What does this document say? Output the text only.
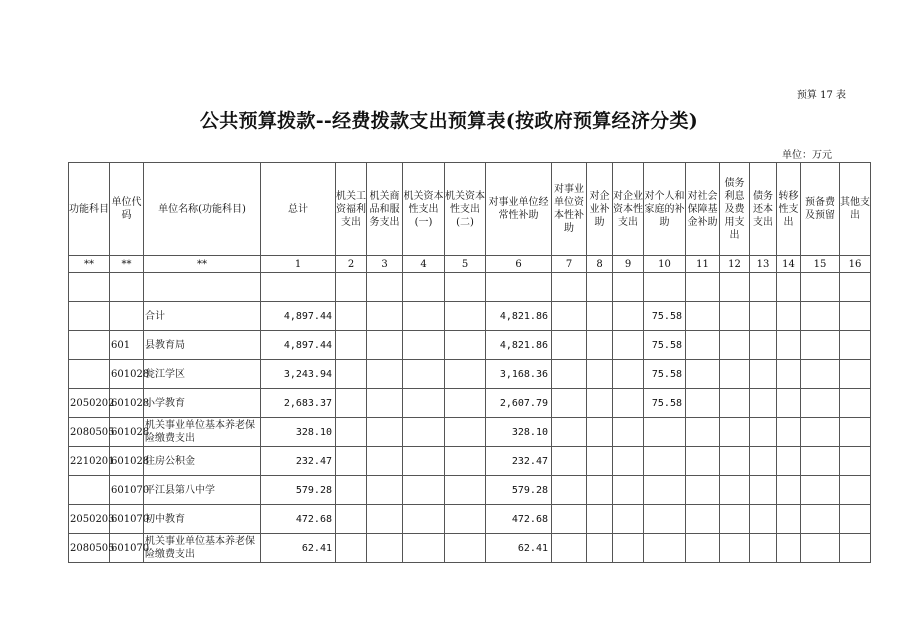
预算 17 表
公共预算拨款--经费拨款支出预算表(按政府预算经济分类)
单位：万元
功能科目	单位代码	单位名称(功能科目)	总计	机关工资福利支出	机关商品和服务支出	机关资本性支出(一)	机关资本性支出(二)	对事业单位经常性补助	对事业单位资本性补助	对企业补助	对企业资本性支出	对个人和家庭的补助	对社会保障基金补助	债务利息及费用支出	债务还本支出	转移性支出	预备费及预留	其他支出
**	**	**	1	2	3	4	5	6	7	8	9	10	11	12	13	14	15	16

		合计	4,897.44					4,821.86				75.58						
	601	县教育局	4,897.44					4,821.86				75.58						
	601028	瓮江学区	3,243.94					3,168.36				75.58						
2050202	601028	小学教育	2,683.37					2,607.79				75.58						
2080505	601028	机关事业单位基本养老保险缴费支出	328.10					328.10										
2210201	601028	住房公积金	232.47					232.47										
	601070	平江县第八中学	579.28					579.28										
2050203	601070	初中教育	472.68					472.68										
2080505	601070	机关事业单位基本养老保险缴费支出	62.41					62.41										
